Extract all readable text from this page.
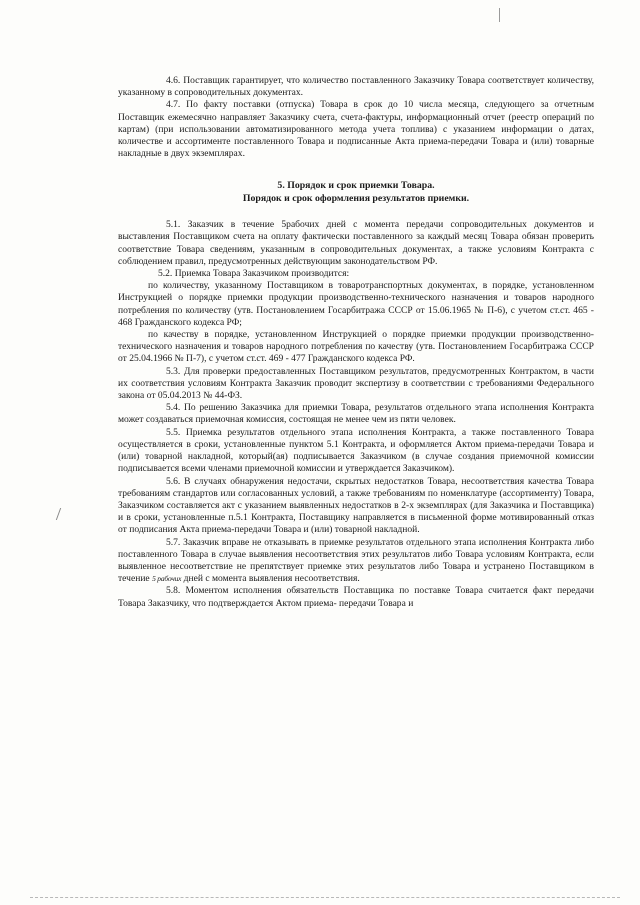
4.6. Поставщик гарантирует, что количество поставленного Заказчику Товара соответствует количеству, указанному в сопроводительных документах.

4.7. По факту поставки (отпуска) Товара в срок до 10 числа месяца, следующего за отчетным Поставщик ежемесячно направляет Заказчику счета, счета-фактуры, информационный отчет (реестр операций по картам) (при использовании автоматизированного метода учета топлива) с указанием информации о датах, количестве и ассортименте поставленного Товара и подписанные Акта приема-передачи Товара и (или) товарные накладные в двух экземплярах.

5. Порядок и срок приемки Товара.

Порядок и срок оформления результатов приемки.

5.1. Заказчик в течение 5рабочих дней с момента передачи сопроводительных документов и выставления Поставщиком счета на оплату фактически поставленного за каждый месяц Товара обязан проверить соответствие Товара сведениям, указанным в сопроводительных документах, а также условиям Контракта с соблюдением правил, предусмотренных действующим законодательством РФ.

5.2. Приемка Товара Заказчиком производится:

по количеству, указанному Поставщиком в товаротранспортных документах, в порядке, установленном Инструкцией о порядке приемки продукции производственно-технического назначения и товаров народного потребления по количеству (утв. Постановлением Госарбитража СССР от 15.06.1965 № П-6), с учетом ст.ст. 465 - 468 Гражданского кодекса РФ;

по качеству в порядке, установленном Инструкцией о порядке приемки продукции производственно-технического назначения и товаров народного потребления по качеству (утв. Постановлением Госарбитража СССР от 25.04.1966 № П-7), с учетом ст.ст. 469 - 477 Гражданского кодекса РФ.

5.3. Для проверки предоставленных Поставщиком результатов, предусмотренных Контрактом, в части их соответствия условиям Контракта Заказчик проводит экспертизу в соответствии с требованиями Федерального закона от 05.04.2013 № 44-ФЗ.

5.4. По решению Заказчика для приемки Товара, результатов отдельного этапа исполнения Контракта может создаваться приемочная комиссия, состоящая не менее чем из пяти человек.

5.5. Приемка результатов отдельного этапа исполнения Контракта, а также поставленного Товара осуществляется в сроки, установленные пунктом 5.1 Контракта, и оформляется Актом приема-передачи Товара и (или) товарной накладной, который(ая) подписывается Заказчиком (в случае создания приемочной комиссии подписывается всеми членами приемочной комиссии и утверждается Заказчиком).

5.6. В случаях обнаружения недостачи, скрытых недостатков Товара, несоответствия качества Товара требованиям стандартов или согласованных условий, а также требованиям по номенклатуре (ассортименту) Товара, Заказчиком составляется акт с указанием выявленных недостатков в 2-х экземплярах (для Заказчика и Поставщика) и в сроки, установленные п.5.1 Контракта, Поставщику направляется в письменной форме мотивированный отказ от подписания Акта приема-передачи Товара и (или) товарной накладной.

5.7. Заказчик вправе не отказывать в приемке результатов отдельного этапа исполнения Контракта либо поставленного Товара в случае выявления несоответствия этих результатов либо Товара условиям Контракта, если выявленное несоответствие не препятствует приемке этих результатов либо Товара и устранено Поставщиком в течение 5 рабочих дней с момента выявления несоответствия.

5.8. Моментом исполнения обязательств Поставщика по поставке Товара считается факт передачи Товара Заказчику, что подтверждается Актом приема- передачи Товара и
